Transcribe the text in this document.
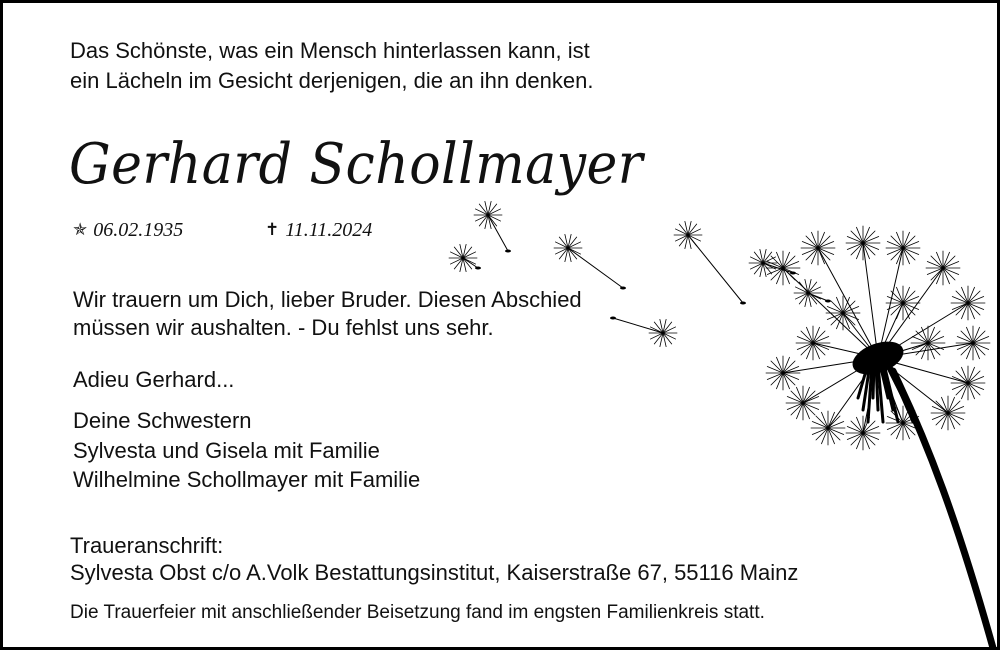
Das Schönste, was ein Mensch hinterlassen kann, ist
ein Lächeln im Gesicht derjenigen, die an ihn denken.
Gerhard Schollmayer
✯ 06.02.1935	✝ 11.11.2024
Wir trauern um Dich, lieber Bruder. Diesen Abschied
müssen wir aushalten. - Du fehlst uns sehr.
Adieu Gerhard...
Deine Schwestern
Sylvesta und Gisela mit Familie
Wilhelmine Schollmayer mit Familie
Traueranschrift:
Sylvesta Obst c/o A.Volk Bestattungsinstitut, Kaiserstraße 67, 55116 Mainz
Die Trauerfeier mit anschließender Beisetzung fand im engsten Familienkreis statt.
